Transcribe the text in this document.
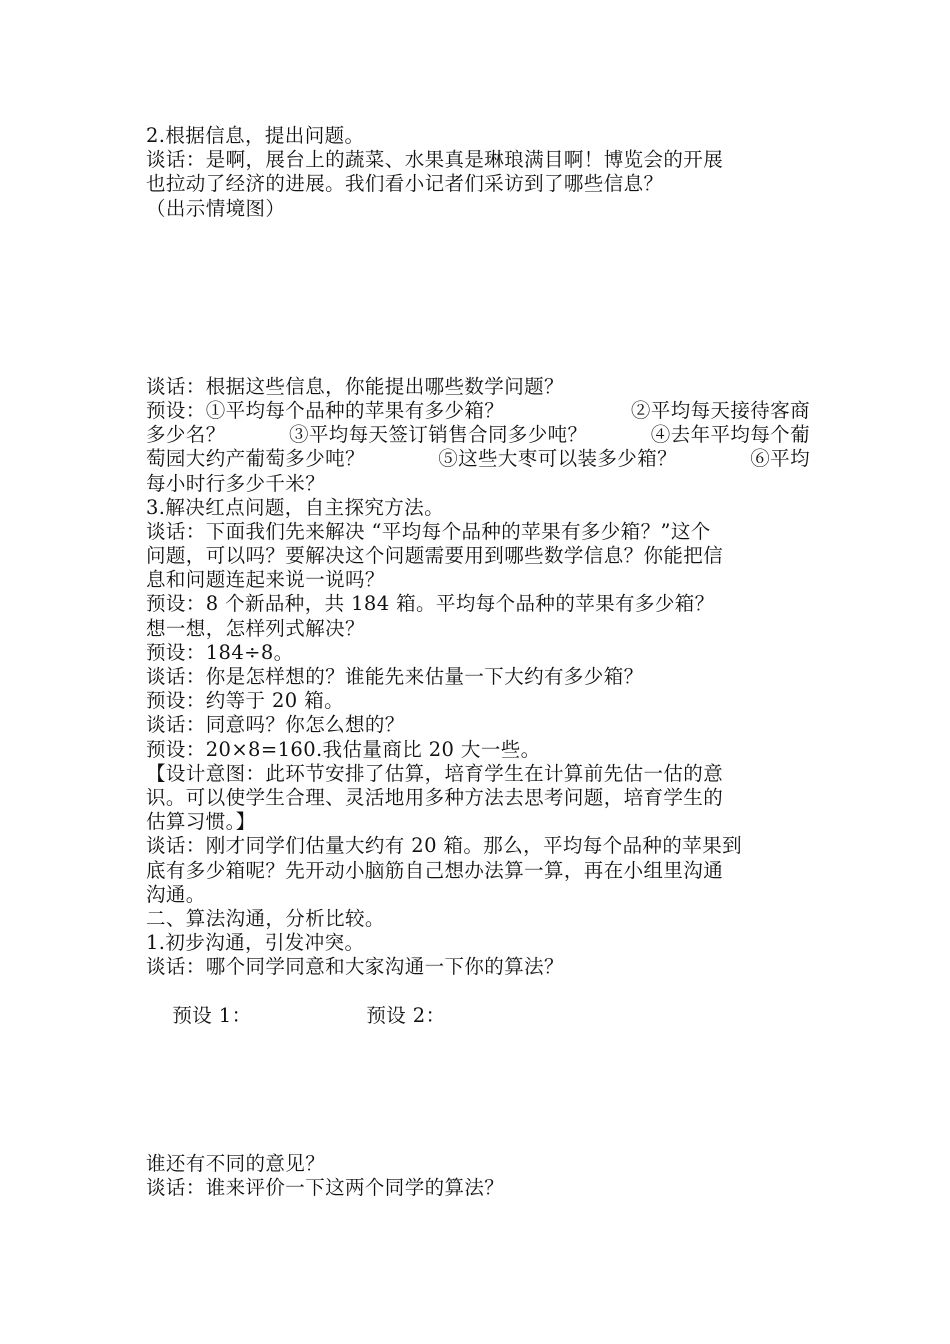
2.根据信息，提出问题。
谈话：是啊，展台上的蔬菜、水果真是琳琅满目啊！博览会的开展
也拉动了经济的进展。我们看小记者们采访到了哪些信息？
（出示情境图）
谈话：根据这些信息，你能提出哪些数学问题？
预设：①平均每个品种的苹果有多少箱？	②平均每天接待客商
多少名？	③平均每天签订销售合同多少吨？	④去年平均每个葡
萄园大约产葡萄多少吨？	⑤这些大枣可以装多少箱？	⑥平均
每小时行多少千米？
3.解决红点问题，自主探究方法。
谈话：下面我们先来解决 “平均每个品种的苹果有多少箱？”这个
问题，可以吗？要解决这个问题需要用到哪些数学信息？你能把信
息和问题连起来说一说吗？
预设：8 个新品种，共 184 箱。平均每个品种的苹果有多少箱？
想一想，怎样列式解决？
预设：184÷8。
谈话：你是怎样想的？谁能先来估量一下大约有多少箱？
预设：约等于 20 箱。
谈话：同意吗？你怎么想的？
预设：20×8=160.我估量商比 20 大一些。
【设计意图：此环节安排了估算，培育学生在计算前先估一估的意
识。可以使学生合理、灵活地用多种方法去思考问题，培育学生的
估算习惯。】
谈话：刚才同学们估量大约有 20 箱。那么，平均每个品种的苹果到
底有多少箱呢？先开动小脑筋自己想办法算一算，再在小组里沟通
沟通。
二、算法沟通，分析比较。
1.初步沟通，引发冲突。
谈话：哪个同学同意和大家沟通一下你的算法？

预设 1：	预设 2：

谁还有不同的意见？
谈话：谁来评价一下这两个同学的算法？
